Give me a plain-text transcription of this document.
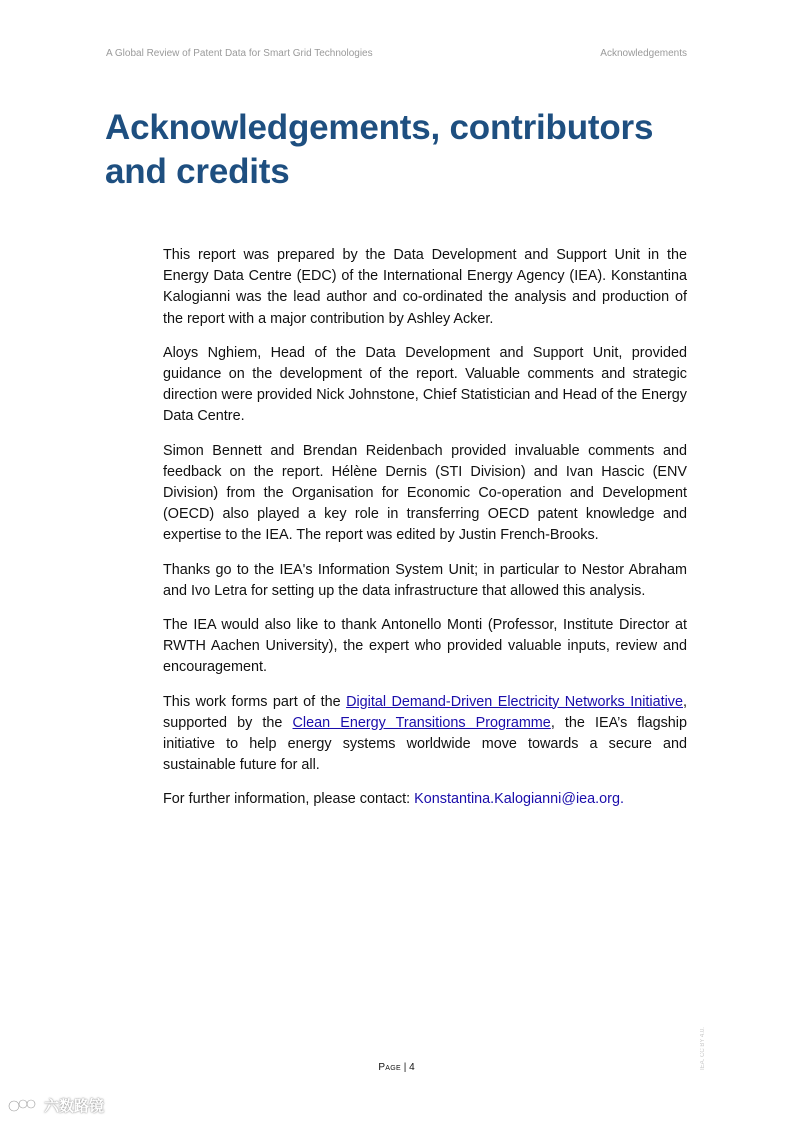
A Global Review of Patent Data for Smart Grid Technologies	Acknowledgements
Acknowledgements, contributors
and credits

This report was prepared by the Data Development and Support Unit in the Energy Data Centre (EDC) of the International Energy Agency (IEA). Konstantina Kalogianni was the lead author and co-ordinated the analysis and production of the report with a major contribution by Ashley Acker.

Aloys Nghiem, Head of the Data Development and Support Unit, provided guidance on the development of the report. Valuable comments and strategic direction were provided Nick Johnstone, Chief Statistician and Head of the Energy Data Centre.

Simon Bennett and Brendan Reidenbach provided invaluable comments and feedback on the report. Hélène Dernis (STI Division) and Ivan Hascic (ENV Division) from the Organisation for Economic Co-operation and Development (OECD) also played a key role in transferring OECD patent knowledge and expertise to the IEA. The report was edited by Justin French-Brooks.

Thanks go to the IEA's Information System Unit; in particular to Nestor Abraham and Ivo Letra for setting up the data infrastructure that allowed this analysis.

The IEA would also like to thank Antonello Monti (Professor, Institute Director at RWTH Aachen University), the expert who provided valuable inputs, review and encouragement.

This work forms part of the Digital Demand-Driven Electricity Networks Initiative, supported by the Clean Energy Transitions Programme, the IEA’s flagship initiative to help energy systems worldwide move towards a secure and sustainable future for all.

For further information, please contact: Konstantina.Kalogianni@iea.org.

Page | 4	IEA. CC BY 4.0.
六数路镜
